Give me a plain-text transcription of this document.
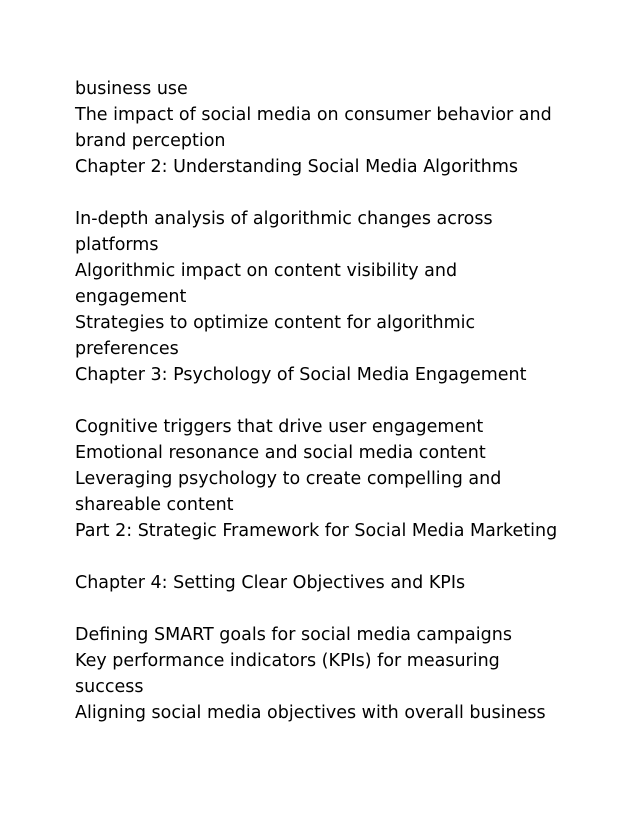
business use
The impact of social media on consumer behavior and
brand perception
Chapter 2: Understanding Social Media Algorithms
In-depth analysis of algorithmic changes across
platforms
Algorithmic impact on content visibility and
engagement
Strategies to optimize content for algorithmic
preferences
Chapter 3: Psychology of Social Media Engagement
Cognitive triggers that drive user engagement
Emotional resonance and social media content
Leveraging psychology to create compelling and
shareable content
Part 2: Strategic Framework for Social Media Marketing
Chapter 4: Setting Clear Objectives and KPIs
Defining SMART goals for social media campaigns
Key performance indicators (KPIs) for measuring
success
Aligning social media objectives with overall business
